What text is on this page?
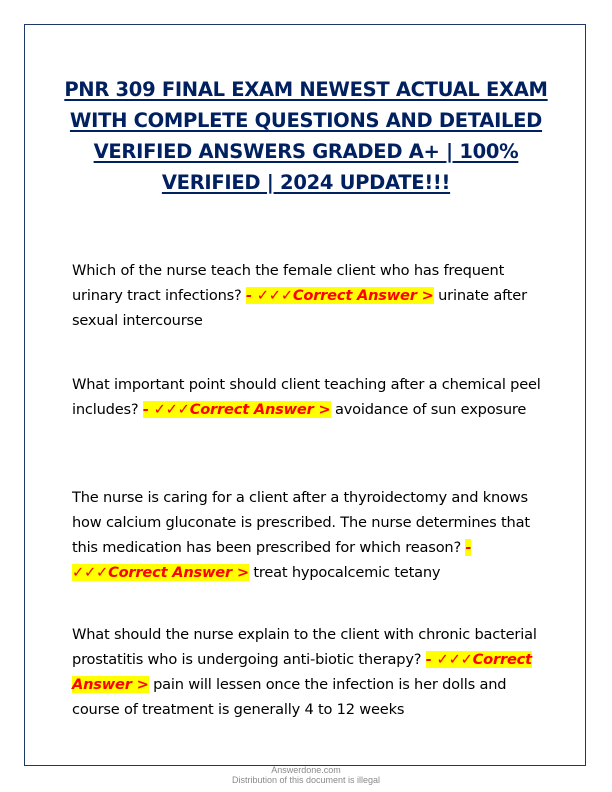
PNR 309 FINAL EXAM NEWEST ACTUAL EXAM WITH COMPLETE QUESTIONS AND DETAILED VERIFIED ANSWERS GRADED A+ | 100% VERIFIED | 2024 UPDATE!!!

Which of the nurse teach the female client who has frequent urinary tract infections? - ✓✓✓Correct Answer > urinate after sexual intercourse

What important point should client teaching after a chemical peel includes? - ✓✓✓Correct Answer > avoidance of sun exposure

The nurse is caring for a client after a thyroidectomy and knows how calcium gluconate is prescribed. The nurse determines that this medication has been prescribed for which reason? - ✓✓✓Correct Answer > treat hypocalcemic tetany

What should the nurse explain to the client with chronic bacterial prostatitis who is undergoing anti-biotic therapy? - ✓✓✓Correct Answer > pain will lessen once the infection is her dolls and course of treatment is generally 4 to 12 weeks

Answerdone.com
Distribution of this document is illegal
